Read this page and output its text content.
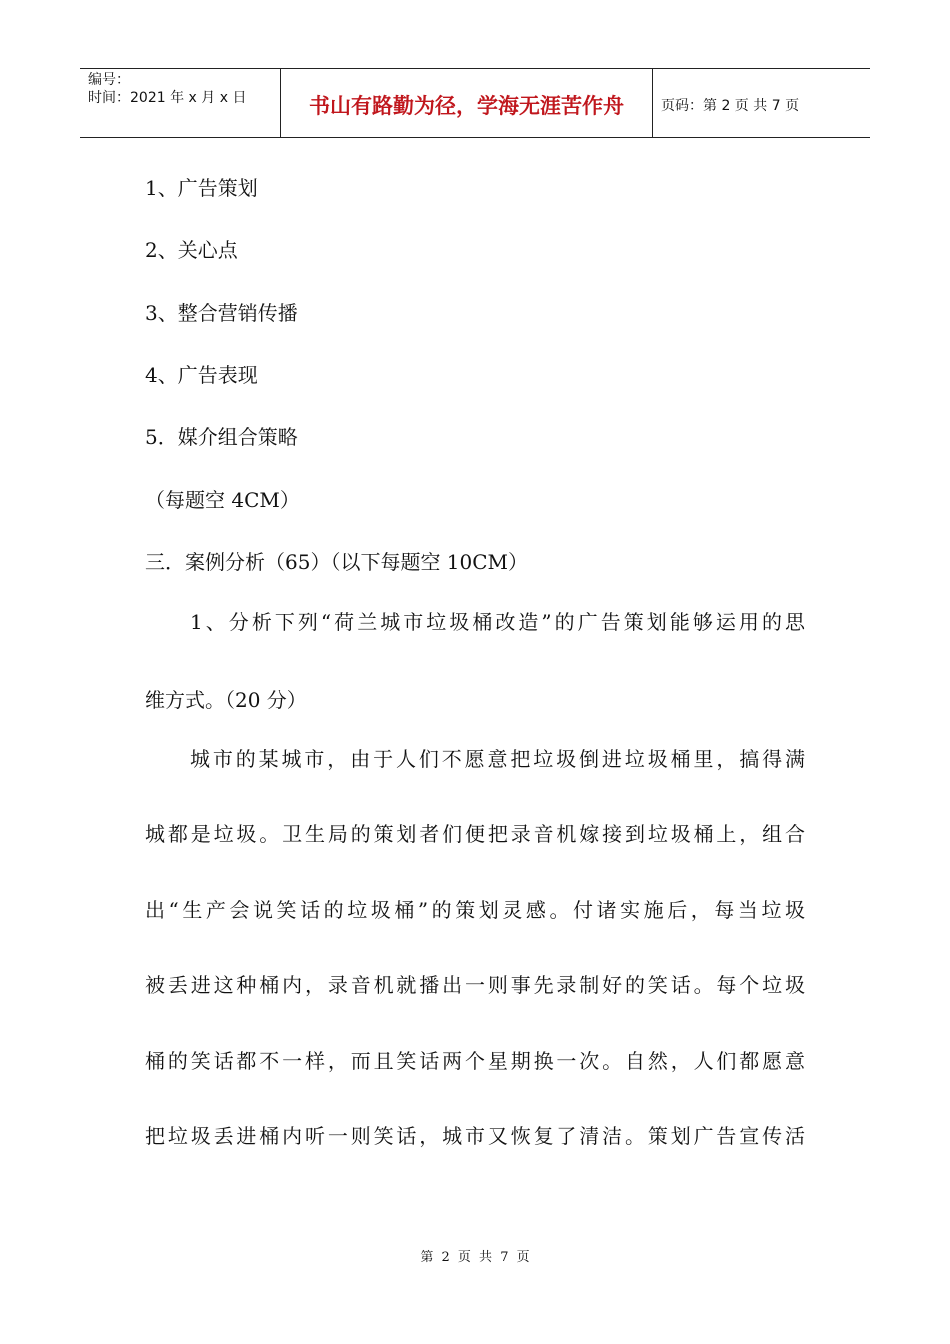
编号：
时间：2021 年 x 月 x 日	书山有路勤为径，学海无涯苦作舟	页码：第 2 页 共 7 页
1、广告策划
2、关心点
3、整合营销传播
4、广告表现
5．媒介组合策略
（每题空 4CM）
三．案例分析（65）（以下每题空 10CM）
1、分析下列“荷兰城市垃圾桶改造”的广告策划能够运用的思
维方式。（20 分）
城市的某城市，由于人们不愿意把垃圾倒进垃圾桶里，搞得满
城都是垃圾。卫生局的策划者们便把录音机嫁接到垃圾桶上，组合
出“生产会说笑话的垃圾桶”的策划灵感。付诸实施后，每当垃圾
被丢进这种桶内，录音机就播出一则事先录制好的笑话。每个垃圾
桶的笑话都不一样，而且笑话两个星期换一次。自然，人们都愿意
把垃圾丢进桶内听一则笑话，城市又恢复了清洁。策划广告宣传活
第 2 页 共 7 页
